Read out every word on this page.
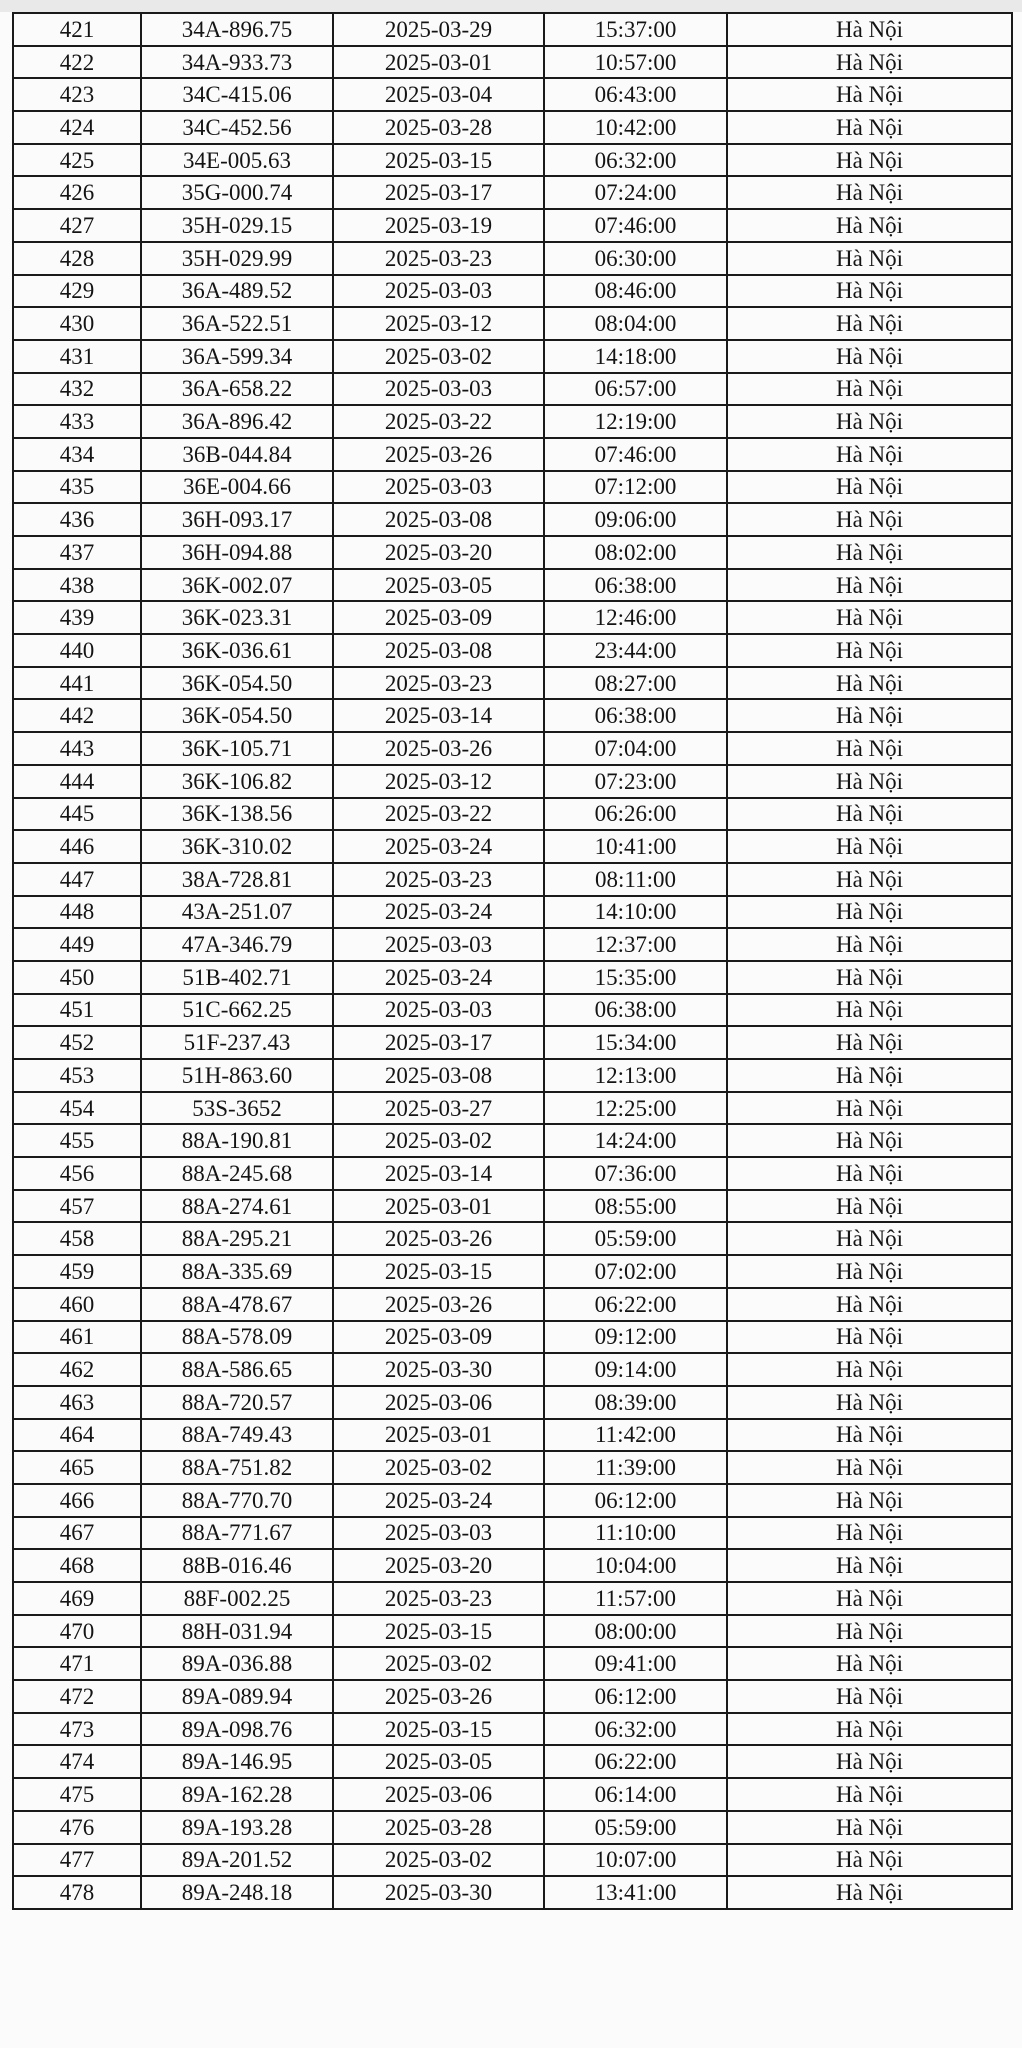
421	34A-896.75	2025-03-29	15:37:00	Hà Nội
422	34A-933.73	2025-03-01	10:57:00	Hà Nội
423	34C-415.06	2025-03-04	06:43:00	Hà Nội
424	34C-452.56	2025-03-28	10:42:00	Hà Nội
425	34E-005.63	2025-03-15	06:32:00	Hà Nội
426	35G-000.74	2025-03-17	07:24:00	Hà Nội
427	35H-029.15	2025-03-19	07:46:00	Hà Nội
428	35H-029.99	2025-03-23	06:30:00	Hà Nội
429	36A-489.52	2025-03-03	08:46:00	Hà Nội
430	36A-522.51	2025-03-12	08:04:00	Hà Nội
431	36A-599.34	2025-03-02	14:18:00	Hà Nội
432	36A-658.22	2025-03-03	06:57:00	Hà Nội
433	36A-896.42	2025-03-22	12:19:00	Hà Nội
434	36B-044.84	2025-03-26	07:46:00	Hà Nội
435	36E-004.66	2025-03-03	07:12:00	Hà Nội
436	36H-093.17	2025-03-08	09:06:00	Hà Nội
437	36H-094.88	2025-03-20	08:02:00	Hà Nội
438	36K-002.07	2025-03-05	06:38:00	Hà Nội
439	36K-023.31	2025-03-09	12:46:00	Hà Nội
440	36K-036.61	2025-03-08	23:44:00	Hà Nội
441	36K-054.50	2025-03-23	08:27:00	Hà Nội
442	36K-054.50	2025-03-14	06:38:00	Hà Nội
443	36K-105.71	2025-03-26	07:04:00	Hà Nội
444	36K-106.82	2025-03-12	07:23:00	Hà Nội
445	36K-138.56	2025-03-22	06:26:00	Hà Nội
446	36K-310.02	2025-03-24	10:41:00	Hà Nội
447	38A-728.81	2025-03-23	08:11:00	Hà Nội
448	43A-251.07	2025-03-24	14:10:00	Hà Nội
449	47A-346.79	2025-03-03	12:37:00	Hà Nội
450	51B-402.71	2025-03-24	15:35:00	Hà Nội
451	51C-662.25	2025-03-03	06:38:00	Hà Nội
452	51F-237.43	2025-03-17	15:34:00	Hà Nội
453	51H-863.60	2025-03-08	12:13:00	Hà Nội
454	53S-3652	2025-03-27	12:25:00	Hà Nội
455	88A-190.81	2025-03-02	14:24:00	Hà Nội
456	88A-245.68	2025-03-14	07:36:00	Hà Nội
457	88A-274.61	2025-03-01	08:55:00	Hà Nội
458	88A-295.21	2025-03-26	05:59:00	Hà Nội
459	88A-335.69	2025-03-15	07:02:00	Hà Nội
460	88A-478.67	2025-03-26	06:22:00	Hà Nội
461	88A-578.09	2025-03-09	09:12:00	Hà Nội
462	88A-586.65	2025-03-30	09:14:00	Hà Nội
463	88A-720.57	2025-03-06	08:39:00	Hà Nội
464	88A-749.43	2025-03-01	11:42:00	Hà Nội
465	88A-751.82	2025-03-02	11:39:00	Hà Nội
466	88A-770.70	2025-03-24	06:12:00	Hà Nội
467	88A-771.67	2025-03-03	11:10:00	Hà Nội
468	88B-016.46	2025-03-20	10:04:00	Hà Nội
469	88F-002.25	2025-03-23	11:57:00	Hà Nội
470	88H-031.94	2025-03-15	08:00:00	Hà Nội
471	89A-036.88	2025-03-02	09:41:00	Hà Nội
472	89A-089.94	2025-03-26	06:12:00	Hà Nội
473	89A-098.76	2025-03-15	06:32:00	Hà Nội
474	89A-146.95	2025-03-05	06:22:00	Hà Nội
475	89A-162.28	2025-03-06	06:14:00	Hà Nội
476	89A-193.28	2025-03-28	05:59:00	Hà Nội
477	89A-201.52	2025-03-02	10:07:00	Hà Nội
478	89A-248.18	2025-03-30	13:41:00	Hà Nội
